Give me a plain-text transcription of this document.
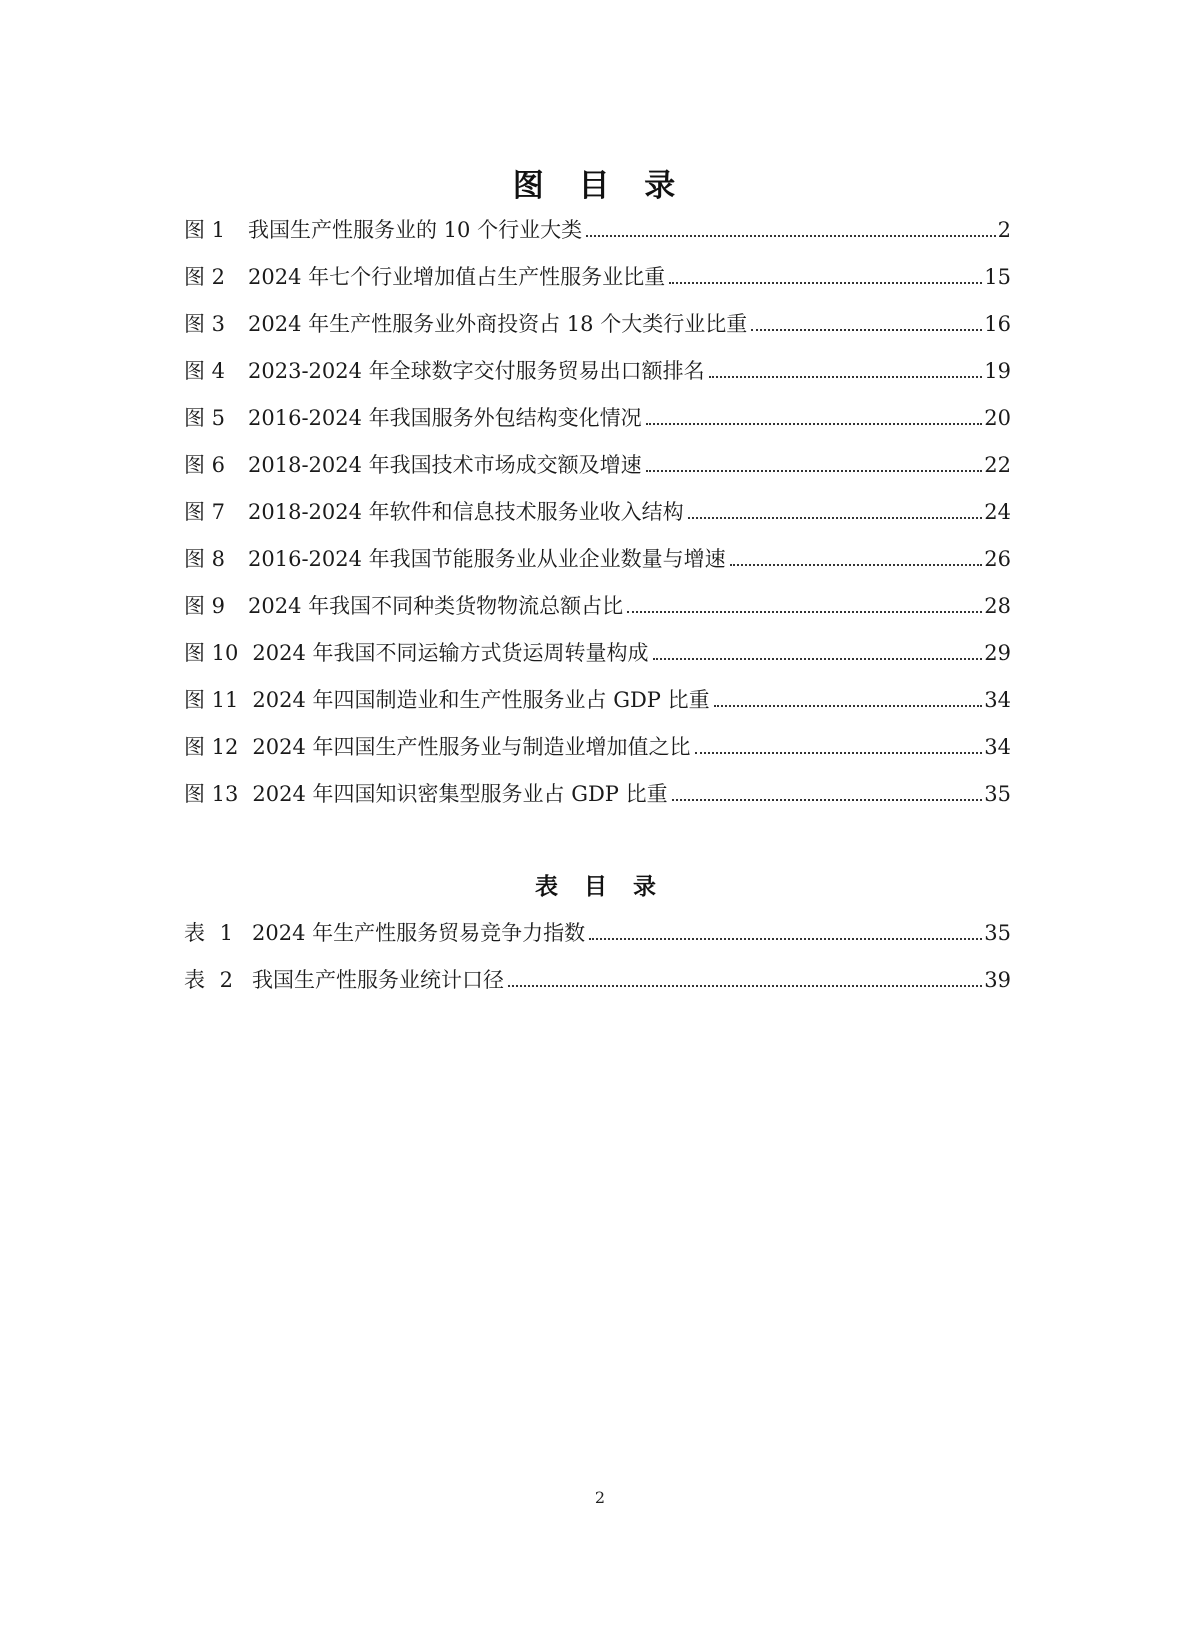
图 目 录
图 1	我国生产性服务业的 10 个行业大类	2
图 2	2024 年七个行业增加值占生产性服务业比重	15
图 3	2024 年生产性服务业外商投资占 18 个大类行业比重	16
图 4	2023-2024 年全球数字交付服务贸易出口额排名	19
图 5	2016-2024 年我国服务外包结构变化情况	20
图 6	2018-2024 年我国技术市场成交额及增速	22
图 7	2018-2024 年软件和信息技术服务业收入结构	24
图 8	2016-2024 年我国节能服务业从业企业数量与增速	26
图 9	2024 年我国不同种类货物物流总额占比	28
图 10 2024 年我国不同运输方式货运周转量构成	29
图 11 2024 年四国制造业和生产性服务业占 GDP 比重	34
图 12 2024 年四国生产性服务业与制造业增加值之比	34
图 13 2024 年四国知识密集型服务业占 GDP 比重	35
表 目 录
表 1 2024 年生产性服务贸易竞争力指数	35
表 2 我国生产性服务业统计口径	39
2
